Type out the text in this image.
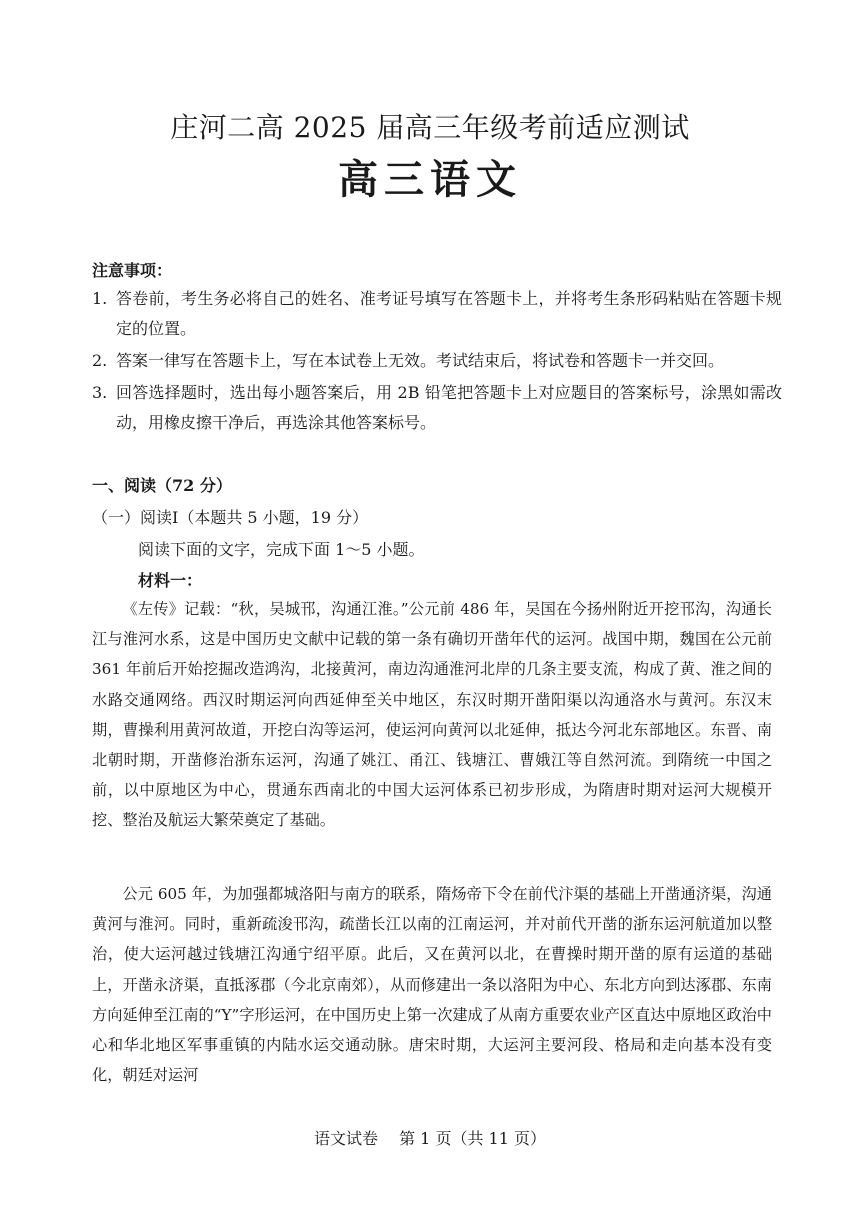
庄河二高 2025 届高三年级考前适应测试
高三语文
注意事项：
1. 答卷前，考生务必将自己的姓名、准考证号填写在答题卡上，并将考生条形码粘贴在答题卡规定的位置。
2. 答案一律写在答题卡上，写在本试卷上无效。考试结束后，将试卷和答题卡一并交回。
3. 回答选择题时，选出每小题答案后，用 2B 铅笔把答题卡上对应题目的答案标号，涂黑如需改动，用橡皮擦干净后，再选涂其他答案标号。
一、阅读（72 分）
（一）阅读Ⅰ（本题共 5 小题，19 分）
阅读下面的文字，完成下面 1～5 小题。
材料一：
《左传》记载：“秋，吴城邗，沟通江淮。”公元前 486 年，吴国在今扬州附近开挖邗沟，沟通长江与淮河水系，这是中国历史文献中记载的第一条有确切开凿年代的运河。战国中期，魏国在公元前 361 年前后开始挖掘改造鸿沟，北接黄河，南边沟通淮河北岸的几条主要支流，构成了黄、淮之间的水路交通网络。西汉时期运河向西延伸至关中地区，东汉时期开凿阳渠以沟通洛水与黄河。东汉末期，曹操利用黄河故道，开挖白沟等运河，使运河向黄河以北延伸，抵达今河北东部地区。东晋、南北朝时期，开凿修治浙东运河，沟通了姚江、甬江、钱塘江、曹娥江等自然河流。到隋统一中国之前，以中原地区为中心，贯通东西南北的中国大运河体系已初步形成，为隋唐时期对运河大规模开挖、整治及航运大繁荣奠定了基础。
公元 605 年，为加强都城洛阳与南方的联系，隋炀帝下令在前代汴渠的基础上开凿通济渠，沟通黄河与淮河。同时，重新疏浚邗沟，疏凿长江以南的江南运河，并对前代开凿的浙东运河航道加以整治，使大运河越过钱塘江沟通宁绍平原。此后，又在黄河以北，在曹操时期开凿的原有运道的基础上，开凿永济渠，直抵涿郡（今北京南郊），从而修建出一条以洛阳为中心、东北方向到达涿郡、东南方向延伸至江南的“Y”字形运河，在中国历史上第一次建成了从南方重要农业产区直达中原地区政治中心和华北地区军事重镇的内陆水运交通动脉。唐宋时期，大运河主要河段、格局和走向基本没有变化，朝廷对运河
语文试卷　 第 1 页（共 11 页）
